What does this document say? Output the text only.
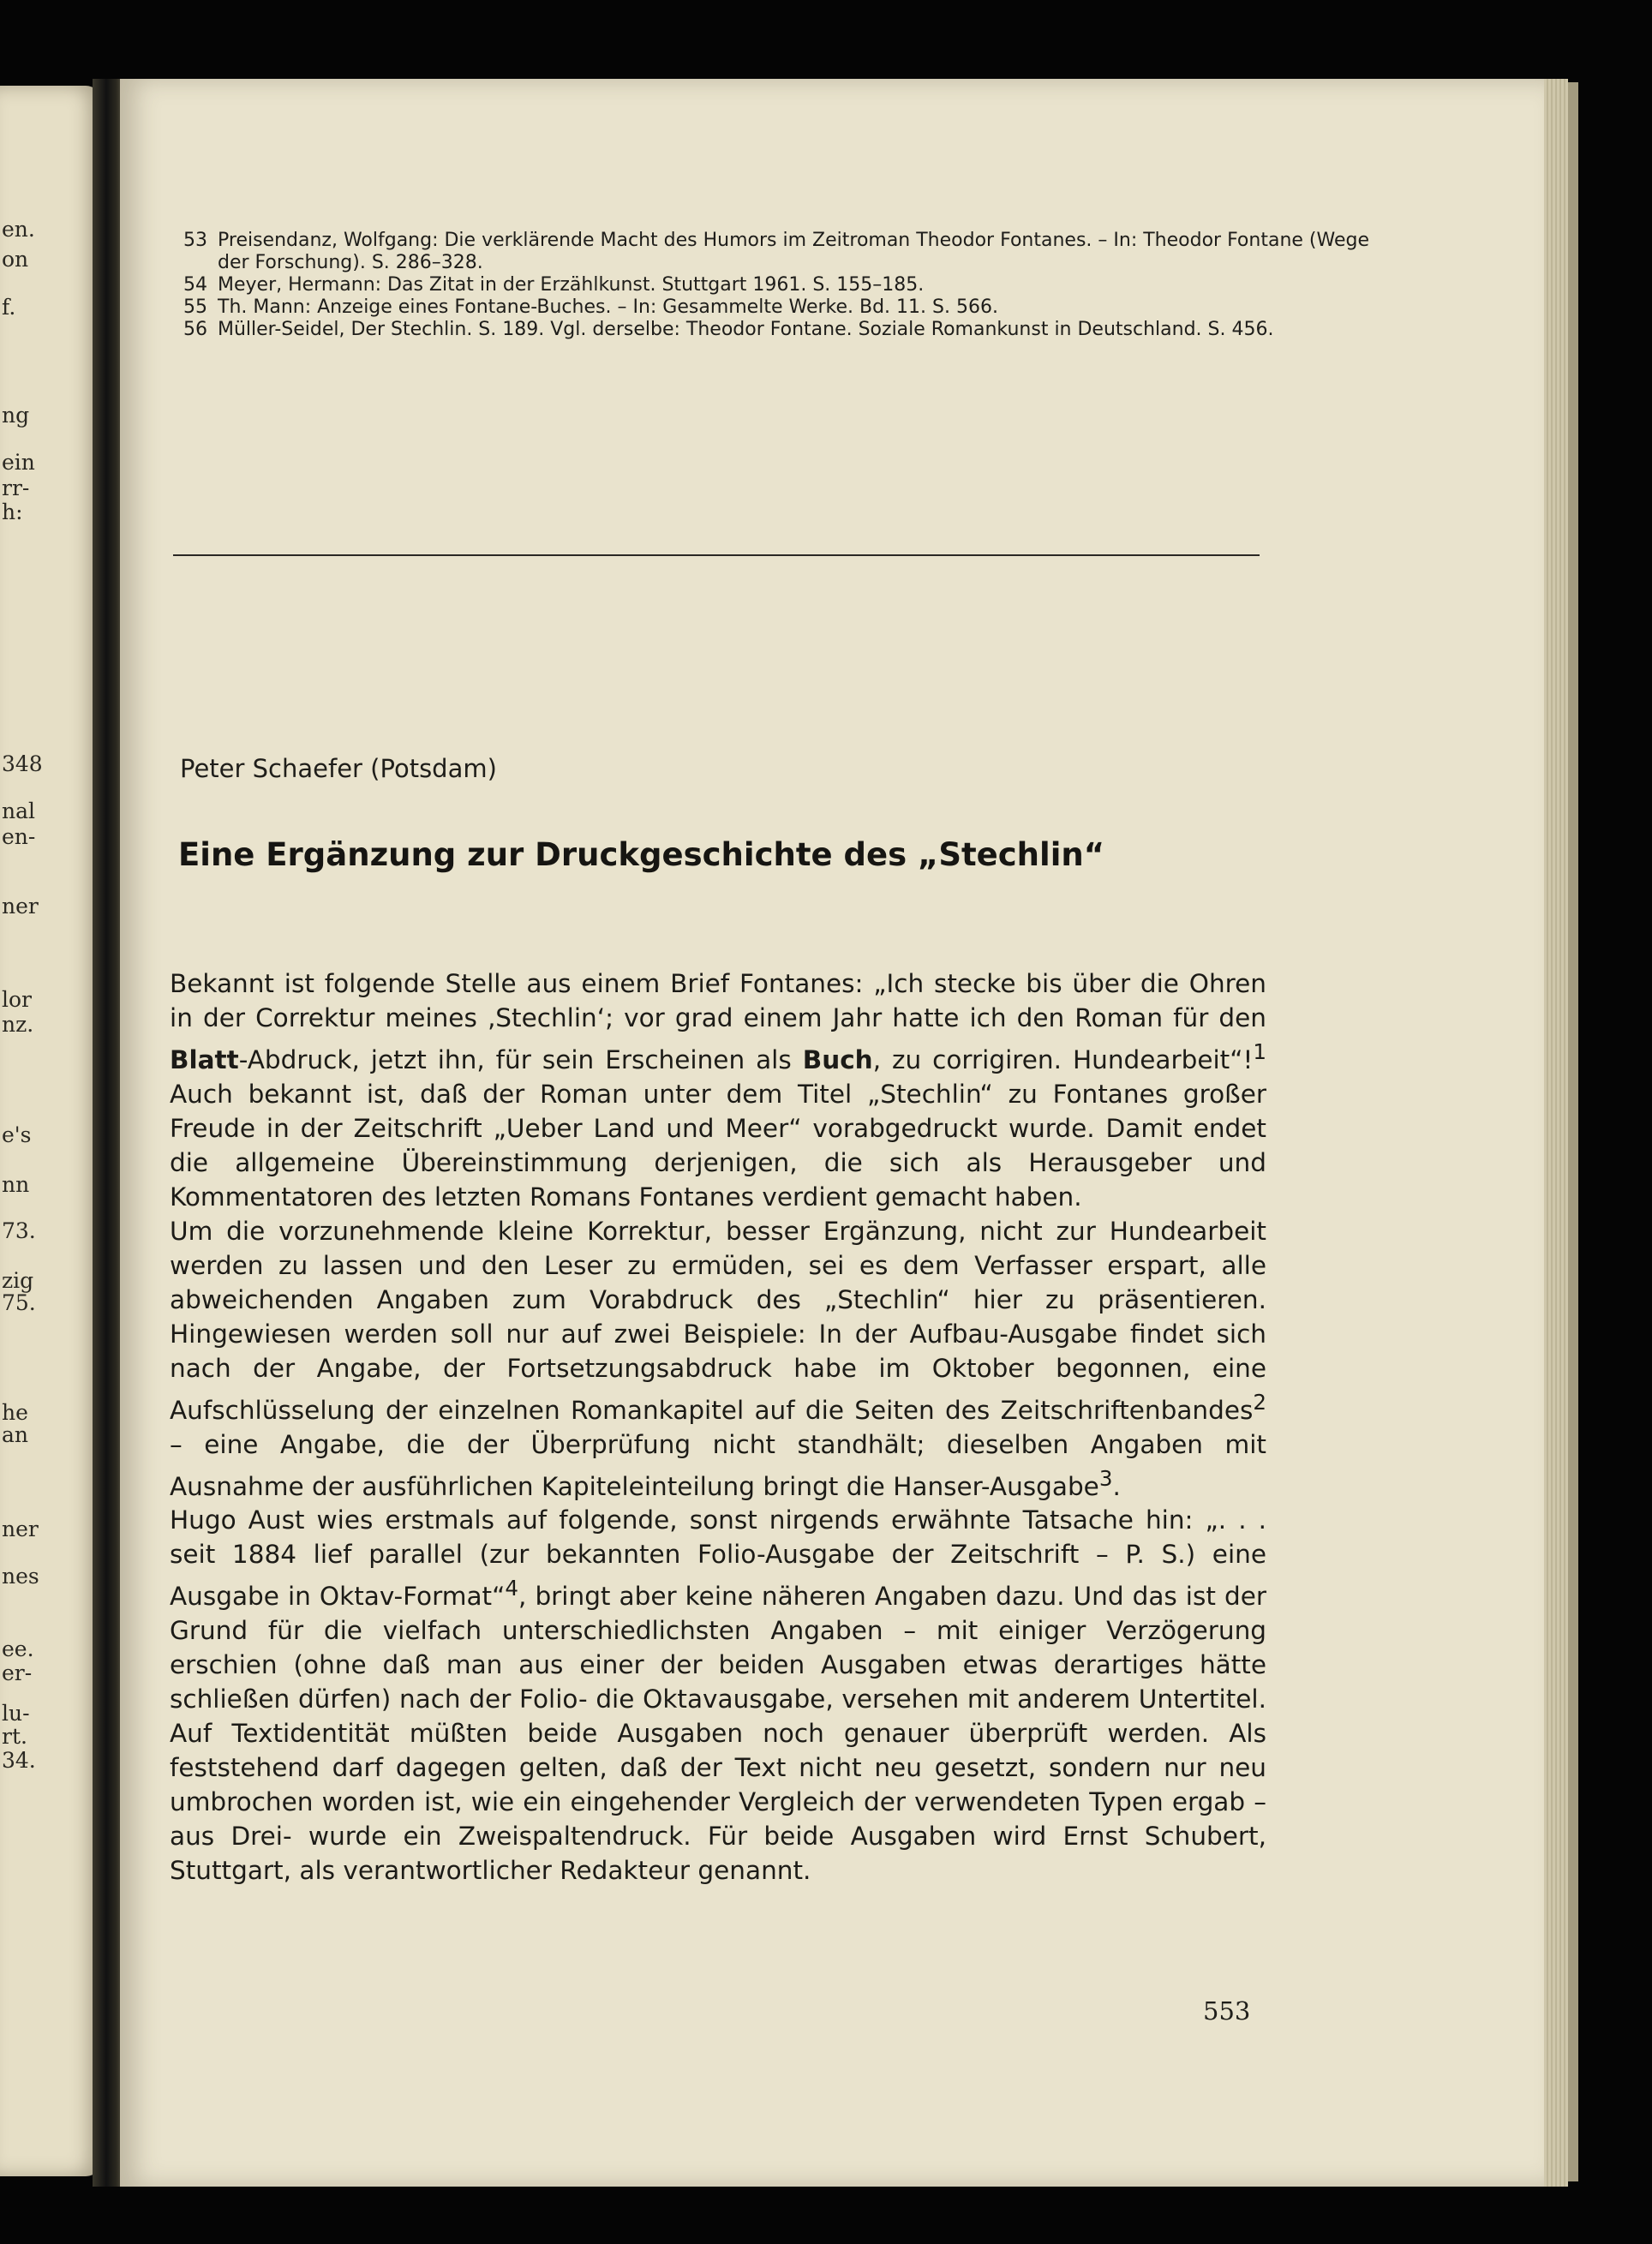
en.
on
f.
ng
ein
rr-
h:
348
nal
en-
ner
lor
nz.
e's
nn
73.
zig
75.
he
an
ner
nes
ee.
er-
lu-
rt.
34.
53 Preisendanz, Wolfgang: Die verklärende Macht des Humors im Zeitroman Theodor Fontanes. – In: Theodor Fontane (Wege der Forschung). S. 286–328.
54 Meyer, Hermann: Das Zitat in der Erzählkunst. Stuttgart 1961. S. 155–185.
55 Th. Mann: Anzeige eines Fontane-Buches. – In: Gesammelte Werke. Bd. 11. S. 566.
56 Müller-Seidel, Der Stechlin. S. 189. Vgl. derselbe: Theodor Fontane. Soziale Romankunst in Deutschland. S. 456.
Peter Schaefer (Potsdam)
Eine Ergänzung zur Druckgeschichte des „Stechlin“

Bekannt ist folgende Stelle aus einem Brief Fontanes: „Ich stecke bis über die Ohren in der Correktur meines ‚Stechlin‘; vor grad einem Jahr hatte ich den Roman für den Blatt-Abdruck, jetzt ihn, für sein Erscheinen als Buch, zu corrigiren. Hundearbeit“!$^1$ Auch bekannt ist, daß der Roman unter dem Titel „Stechlin“ zu Fontanes großer Freude in der Zeitschrift „Ueber Land und Meer“ vorabgedruckt wurde. Damit endet die allgemeine Übereinstimmung derjenigen, die sich als Herausgeber und Kommentatoren des letzten Romans Fontanes verdient gemacht haben.

Um die vorzunehmende kleine Korrektur, besser Ergänzung, nicht zur Hundearbeit werden zu lassen und den Leser zu ermüden, sei es dem Verfasser erspart, alle abweichenden Angaben zum Vorabdruck des „Stechlin“ hier zu präsentieren. Hingewiesen werden soll nur auf zwei Beispiele: In der Aufbau-Ausgabe findet sich nach der Angabe, der Fortsetzungsabdruck habe im Oktober begonnen, eine Aufschlüsselung der einzelnen Romankapitel auf die Seiten des Zeitschriftenbandes$^2$ – eine Angabe, die der Überprüfung nicht standhält; dieselben Angaben mit Ausnahme der ausführlichen Kapiteleinteilung bringt die Hanser-Ausgabe$^3$.

Hugo Aust wies erstmals auf folgende, sonst nirgends erwähnte Tatsache hin: „. . . seit 1884 lief parallel (zur bekannten Folio-Ausgabe der Zeitschrift – P. S.) eine Ausgabe in Oktav-Format“$^4$, bringt aber keine näheren Angaben dazu. Und das ist der Grund für die vielfach unterschiedlichsten Angaben – mit einiger Verzögerung erschien (ohne daß man aus einer der beiden Ausgaben etwas derartiges hätte schließen dürfen) nach der Folio- die Oktavausgabe, versehen mit anderem Untertitel. Auf Textidentität müßten beide Ausgaben noch genauer überprüft werden. Als feststehend darf dagegen gelten, daß der Text nicht neu gesetzt, sondern nur neu umbrochen worden ist, wie ein eingehender Vergleich der verwendeten Typen ergab – aus Drei- wurde ein Zweispaltendruck. Für beide Ausgaben wird Ernst Schubert, Stuttgart, als verantwortlicher Redakteur genannt.

553
